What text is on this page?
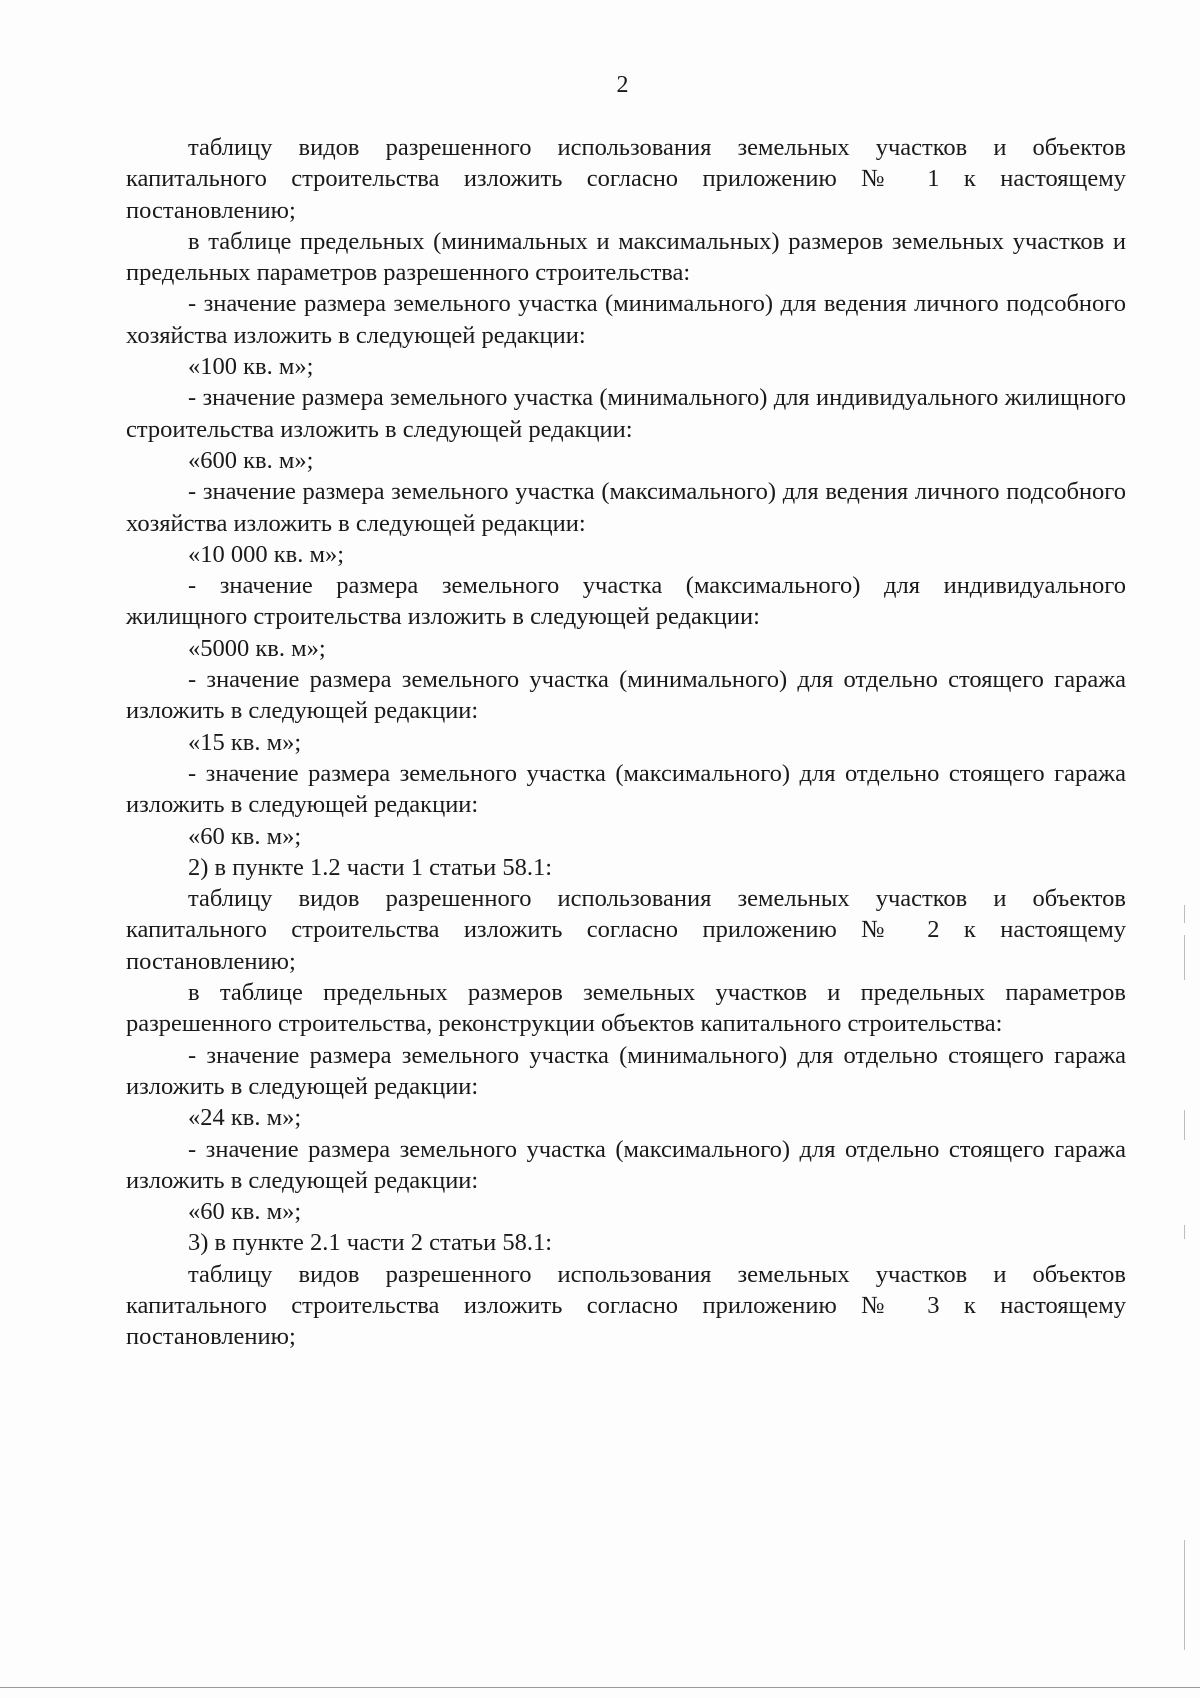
2

таблицу видов разрешенного использования земельных участков и объектов капитального строительства изложить согласно приложению № 1 к настоящему постановлению;

в таблице предельных (минимальных и максимальных) размеров земельных участков и предельных параметров разрешенного строительства:

- значение размера земельного участка (минимального) для ведения личного подсобного хозяйства изложить в следующей редакции:

«100 кв. м»;

- значение размера земельного участка (минимального) для индивидуального жилищного строительства изложить в следующей редакции:

«600 кв. м»;

- значение размера земельного участка (максимального) для ведения личного подсобного хозяйства изложить в следующей редакции:

«10 000 кв. м»;

- значение размера земельного участка (максимального) для индивидуального жилищного строительства изложить в следующей редакции:

«5000 кв. м»;

- значение размера земельного участка (минимального) для отдельно стоящего гаража изложить в следующей редакции:

«15 кв. м»;

- значение размера земельного участка (максимального) для отдельно стоящего гаража изложить в следующей редакции:

«60 кв. м»;

2) в пункте 1.2 части 1 статьи 58.1:

таблицу видов разрешенного использования земельных участков и объектов капитального строительства изложить согласно приложению № 2 к настоящему постановлению;

в таблице предельных размеров земельных участков и предельных параметров разрешенного строительства, реконструкции объектов капитального строительства:

- значение размера земельного участка (минимального) для отдельно стоящего гаража изложить в следующей редакции:

«24 кв. м»;

- значение размера земельного участка (максимального) для отдельно стоящего гаража изложить в следующей редакции:

«60 кв. м»;

3) в пункте 2.1 части 2 статьи 58.1:

таблицу видов разрешенного использования земельных участков и объектов капитального строительства изложить согласно приложению № 3 к настоящему постановлению;
